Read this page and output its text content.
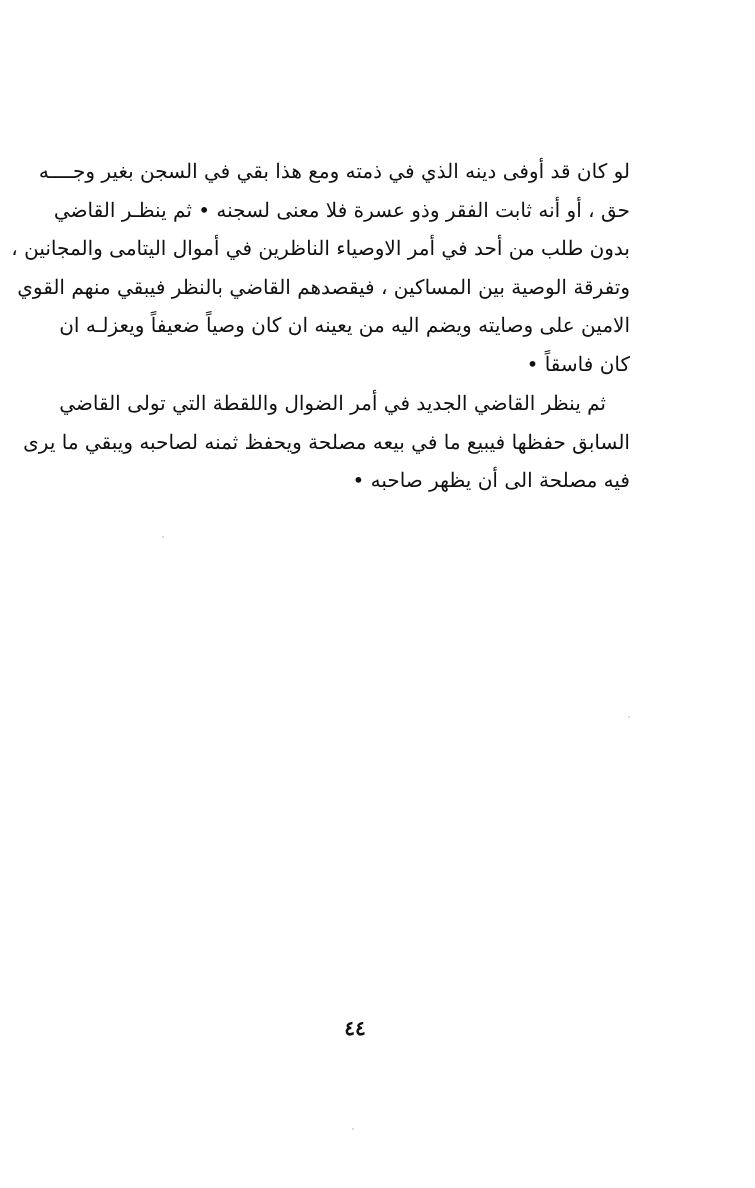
لو كان قد أوفى دينه الذي في ذمته ومع هذا بقي في السجن بغير وجــــه
حق ، أو أنه ثابت الفقر وذو عسرة فلا معنى لسجنه • ثم ينظـر القاضي
بدون طلب من أحد في أمر الاوصياء الناظرين في أموال اليتامى والمجانين ،
وتفرقة الوصية بين المساكين ، فيقصدهم القاضي بالنظر فيبقي منهم القوي
الامين على وصايته ويضم اليه من يعينه ان كان وصياً ضعيفاً ويعزلـه ان
كان فاسقاً •
ثم ينظر القاضي الجديد في أمر الضوال واللقطة التي تولى القاضي
السابق حفظها فيبيع ما في بيعه مصلحة ويحفظ ثمنه لصاحبه ويبقي ما يرى
فيه مصلحة الى أن يظهر صاحبه •
٤٤
